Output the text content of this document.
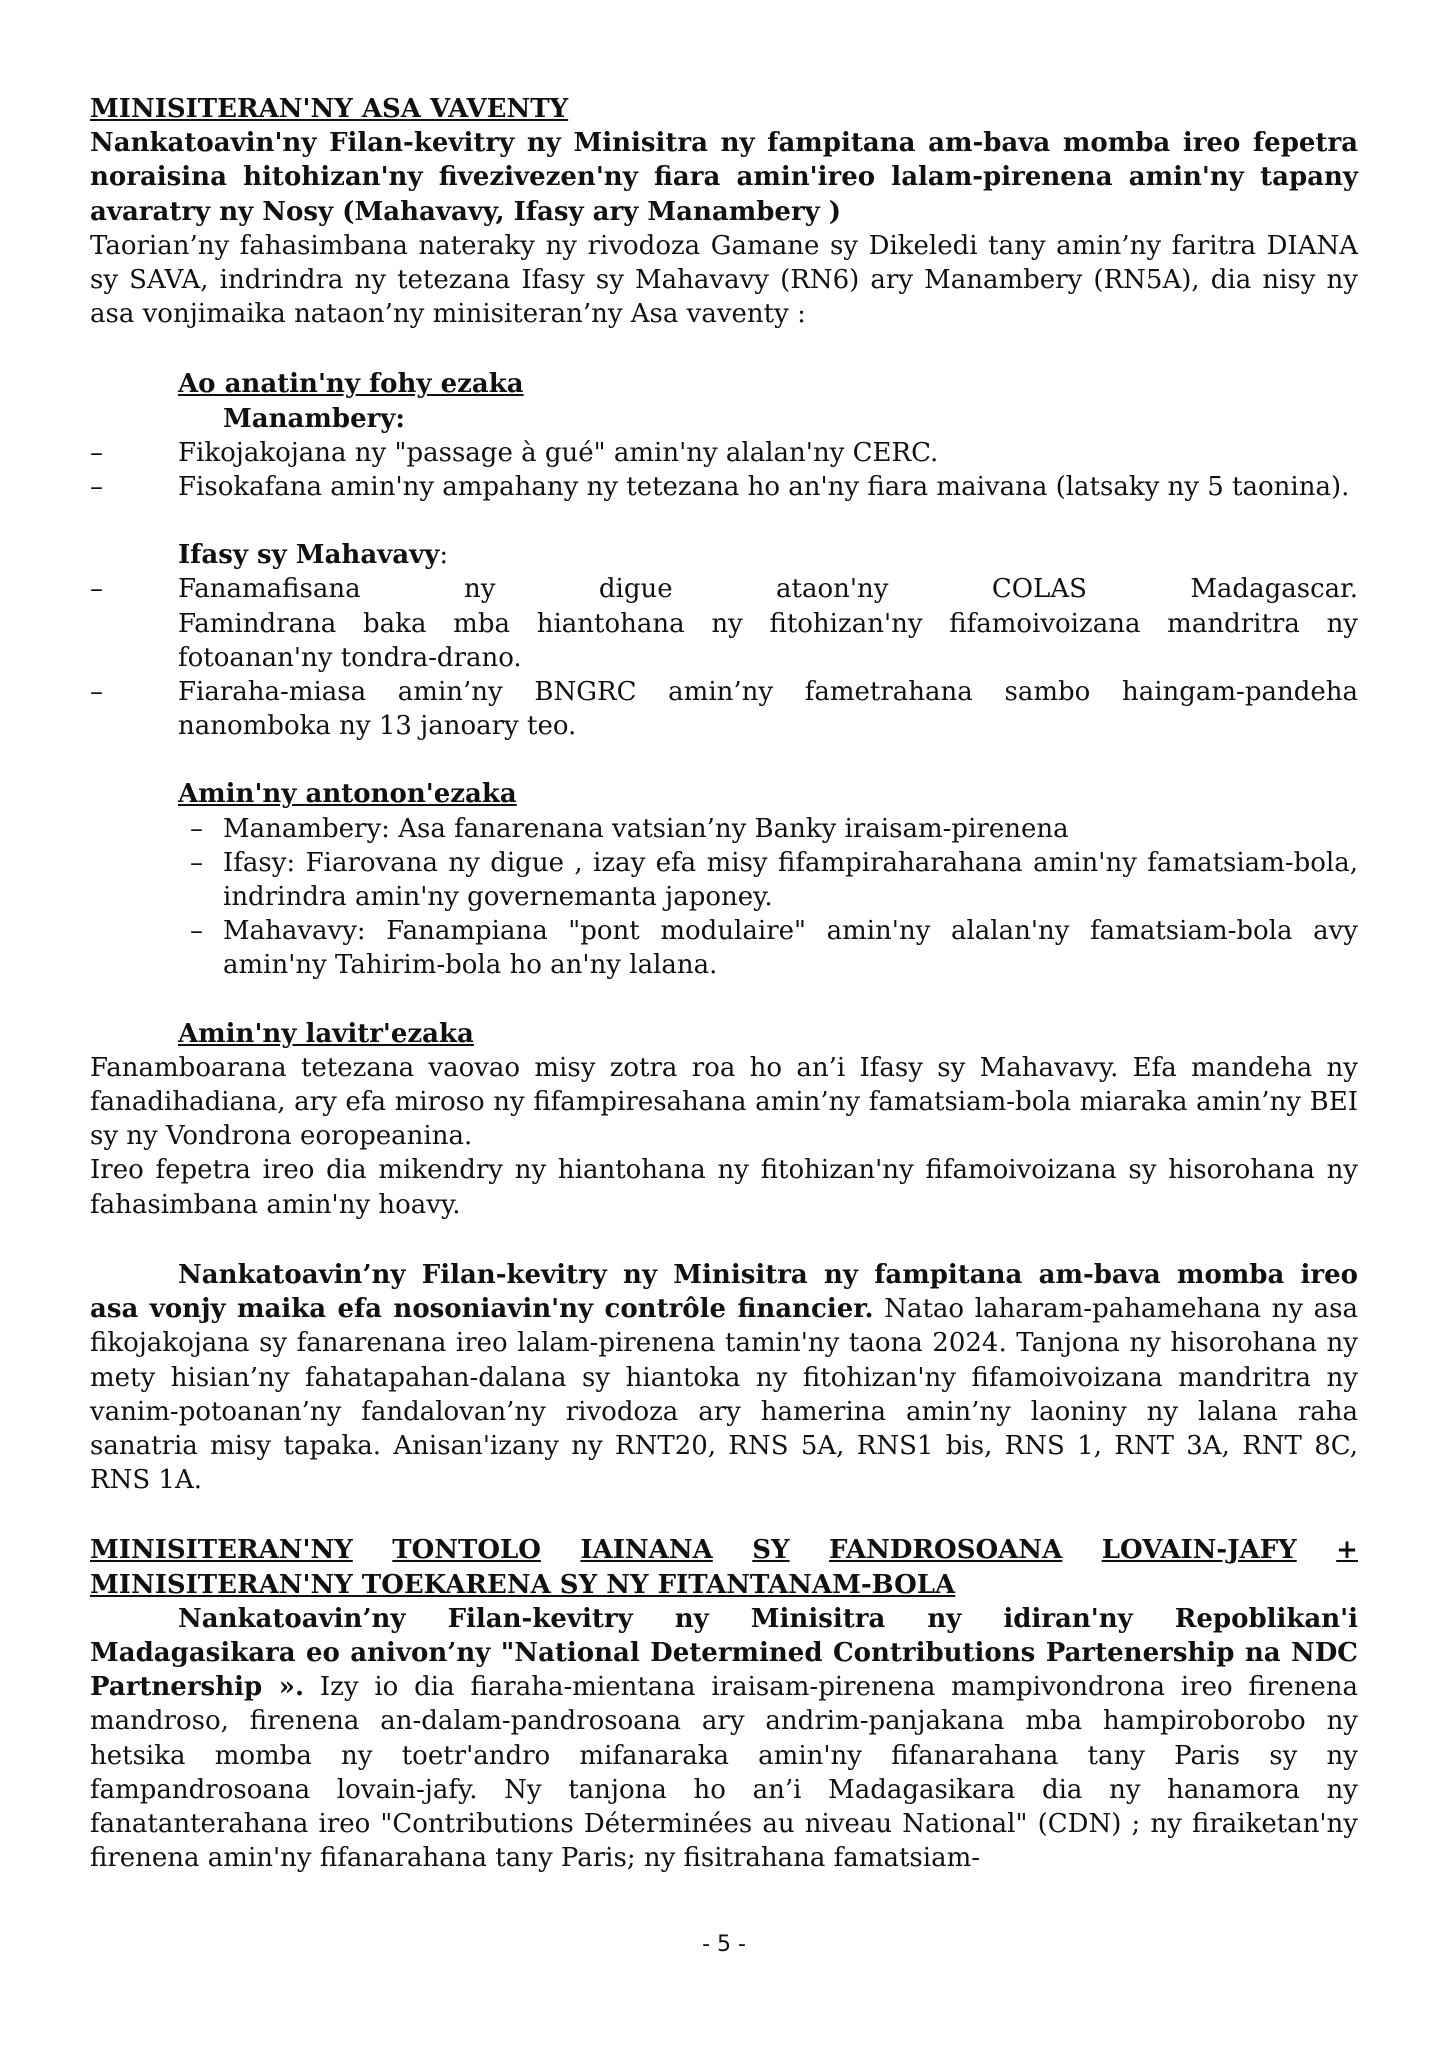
MINISITERAN'NY ASA VAVENTY

Nankatoavin'ny Filan-kevitry ny Minisitra ny fampitana am-bava momba ireo fepetra noraisina hitohizan'ny fivezivezen'ny fiara amin'ireo lalam-pirenena amin'ny tapany avaratry ny Nosy (Mahavavy, Ifasy ary Manambery )

Taorian’ny fahasimbana nateraky ny rivodoza Gamane sy Dikeledi tany amin’ny faritra DIANA sy SAVA, indrindra ny tetezana Ifasy sy Mahavavy (RN6) ary Manambery (RN5A), dia nisy ny asa vonjimaika nataon’ny minisiteran’ny Asa vaventy :

Ao anatin'ny fohy ezaka

Manambery:

– Fikojakojana ny "passage à gué" amin'ny alalan'ny CERC.
– Fisokafana amin'ny ampahany ny tetezana ho an'ny fiara maivana (latsaky ny 5 taonina).

Ifasy sy Mahavavy:

– Fanamafisana	ny	digue	ataon'ny	COLAS	Madagascar.
Famindrana baka mba hiantohana ny fitohizan'ny fifamoivoizana mandritra ny fotoanan'ny tondra-drano.
– Fiaraha-miasa amin’ny BNGRC amin’ny fametrahana sambo haingam-pandeha nanomboka ny 13 janoary teo.

Amin'ny antonon'ezaka

– Manambery: Asa fanarenana vatsian’ny Banky iraisam-pirenena
– Ifasy: Fiarovana ny digue , izay efa misy fifampiraharahana amin'ny famatsiam-bola, indrindra amin'ny governemanta japoney.
– Mahavavy: Fanampiana "pont modulaire" amin'ny alalan'ny famatsiam-bola avy amin'ny Tahirim-bola ho an'ny lalana.

Amin'ny lavitr'ezaka

Fanamboarana tetezana vaovao misy zotra roa ho an’i Ifasy sy Mahavavy. Efa mandeha ny fanadihadiana, ary efa miroso ny fifampiresahana amin’ny famatsiam-bola miaraka amin’ny BEI sy ny Vondrona eoropeanina.

Ireo fepetra ireo dia mikendry ny hiantohana ny fitohizan'ny fifamoivoizana sy hisorohana ny fahasimbana amin'ny hoavy.

Nankatoavin’ny Filan-kevitry ny Minisitra ny fampitana am-bava momba ireo asa vonjy maika efa nosoniavin'ny contrôle financier. Natao laharam-pahamehana ny asa fikojakojana sy fanarenana ireo lalam-pirenena tamin'ny taona 2024. Tanjona ny hisorohana ny mety hisian’ny fahatapahan-dalana sy hiantoka ny fitohizan'ny fifamoivoizana mandritra ny vanim-potoanan’ny fandalovan’ny rivodoza ary hamerina amin’ny laoniny ny lalana raha sanatria misy tapaka. Anisan'izany ny RNT20, RNS 5A, RNS1 bis, RNS 1, RNT 3A, RNT 8C, RNS 1A.

MINISITERAN'NY TONTOLO IAINANA SY FANDROSOANA LOVAIN-JAFY +

MINISITERAN'NY TOEKARENA SY NY FITANTANAM-BOLA

Nankatoavin’ny Filan-kevitry ny Minisitra ny idiran'ny Repoblikan'i Madagasikara eo anivon’ny "National Determined Contributions Partenership na NDC Partnership ». Izy io dia fiaraha-mientana iraisam-pirenena mampivondrona ireo firenena mandroso, firenena an-dalam-pandrosoana ary andrim-panjakana mba hampiroborobo ny hetsika momba ny toetr'andro mifanaraka amin'ny fifanarahana tany Paris sy ny fampandrosoana lovain-jafy. Ny tanjona ho an’i Madagasikara dia ny hanamora ny fanatanterahana ireo "Contributions Déterminées au niveau National" (CDN) ; ny firaiketan'ny firenena amin'ny fifanarahana tany Paris; ny fisitrahana famatsiam-

- 5 -
